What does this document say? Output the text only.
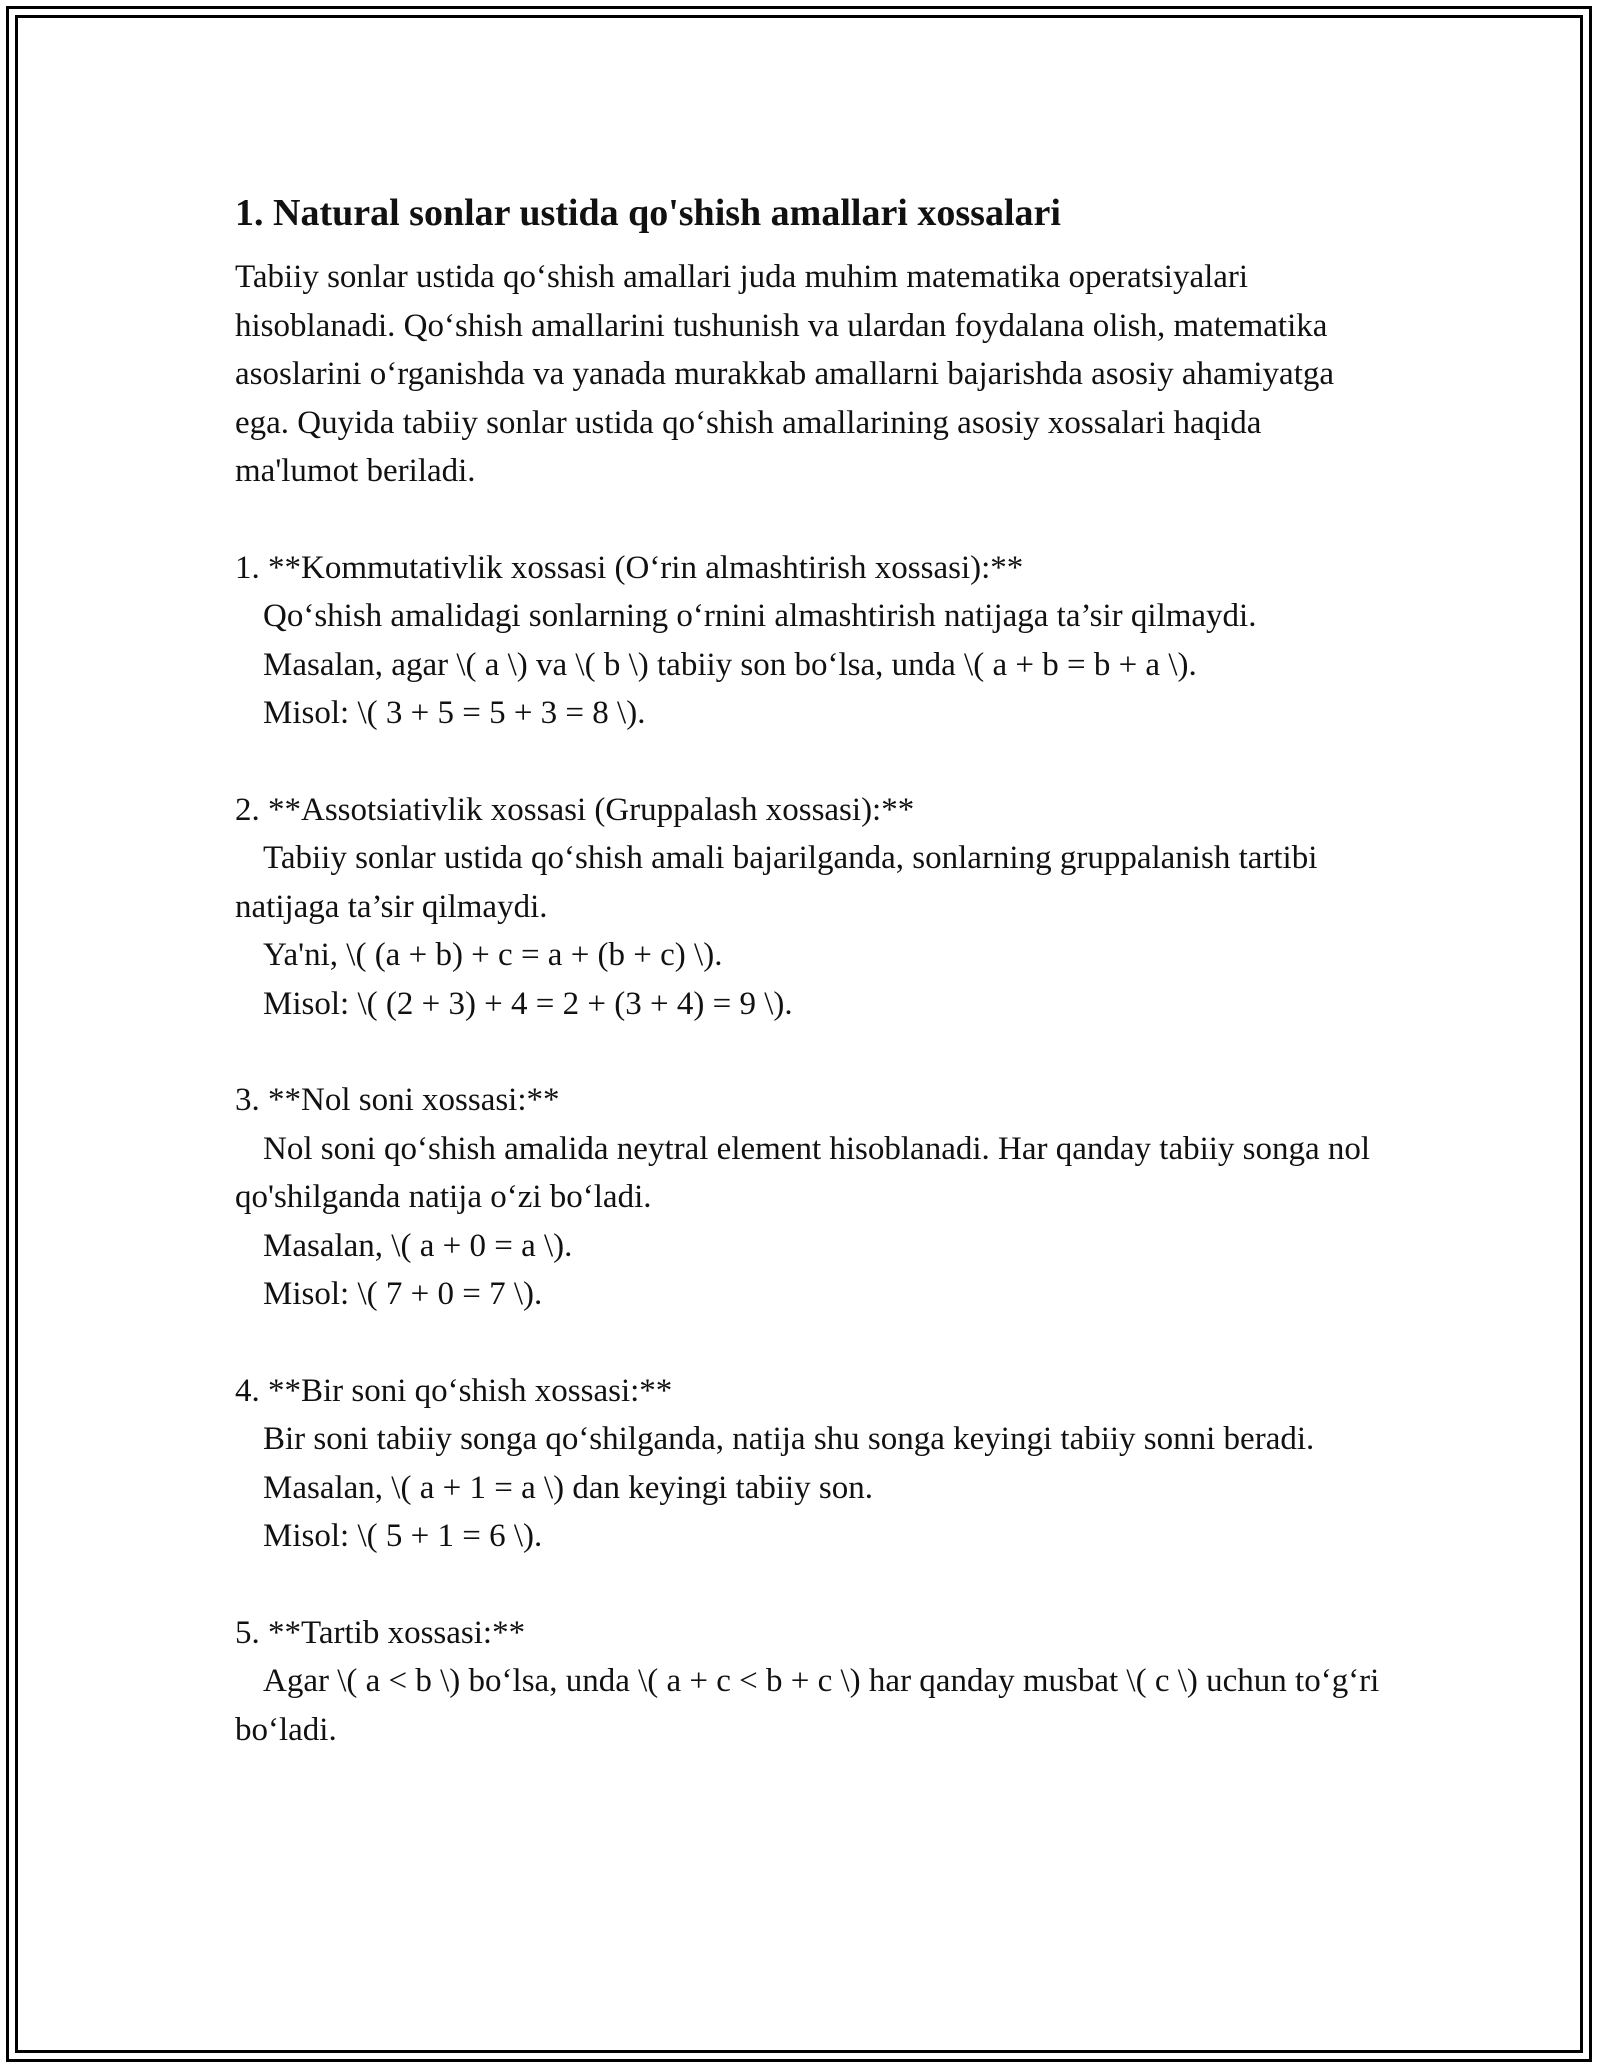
1. Natural sonlar ustida qo'shish amallari xossalari

Tabiiy sonlar ustida qo‘shish amallari juda muhim matematika operatsiyalari hisoblanadi. Qo‘shish amallarini tushunish va ulardan foydalana olish, matematika asoslarini o‘rganishda va yanada murakkab amallarni bajarishda asosiy ahamiyatga ega. Quyida tabiiy sonlar ustida qo‘shish amallarining asosiy xossalari haqida ma'lumot beriladi.

1. **Kommutativlik xossasi (O‘rin almashtirish xossasi):**

Qo‘shish amalidagi sonlarning o‘rnini almashtirish natijaga ta’sir qilmaydi.

Masalan, agar \( a \) va \( b \) tabiiy son bo‘lsa, unda \( a + b = b + a \).

Misol: \( 3 + 5 = 5 + 3 = 8 \).

2. **Assotsiativlik xossasi (Gruppalash xossasi):**

Tabiiy sonlar ustida qo‘shish amali bajarilganda, sonlarning gruppalanish tartibi natijaga ta’sir qilmaydi.

Ya'ni, \( (a + b) + c = a + (b + c) \).

Misol: \( (2 + 3) + 4 = 2 + (3 + 4) = 9 \).

3. **Nol soni xossasi:**

Nol soni qo‘shish amalida neytral element hisoblanadi. Har qanday tabiiy songa nol qo'shilganda natija o‘zi bo‘ladi.

Masalan, \( a + 0 = a \).

Misol: \( 7 + 0 = 7 \).

4. **Bir soni qo‘shish xossasi:**

Bir soni tabiiy songa qo‘shilganda, natija shu songa keyingi tabiiy sonni beradi.

Masalan, \( a + 1 = a \) dan keyingi tabiiy son.

Misol: \( 5 + 1 = 6 \).

5. **Tartib xossasi:**

Agar \( a < b \) bo‘lsa, unda \( a + c < b + c \) har qanday musbat \( c \) uchun to‘g‘ri bo‘ladi.
